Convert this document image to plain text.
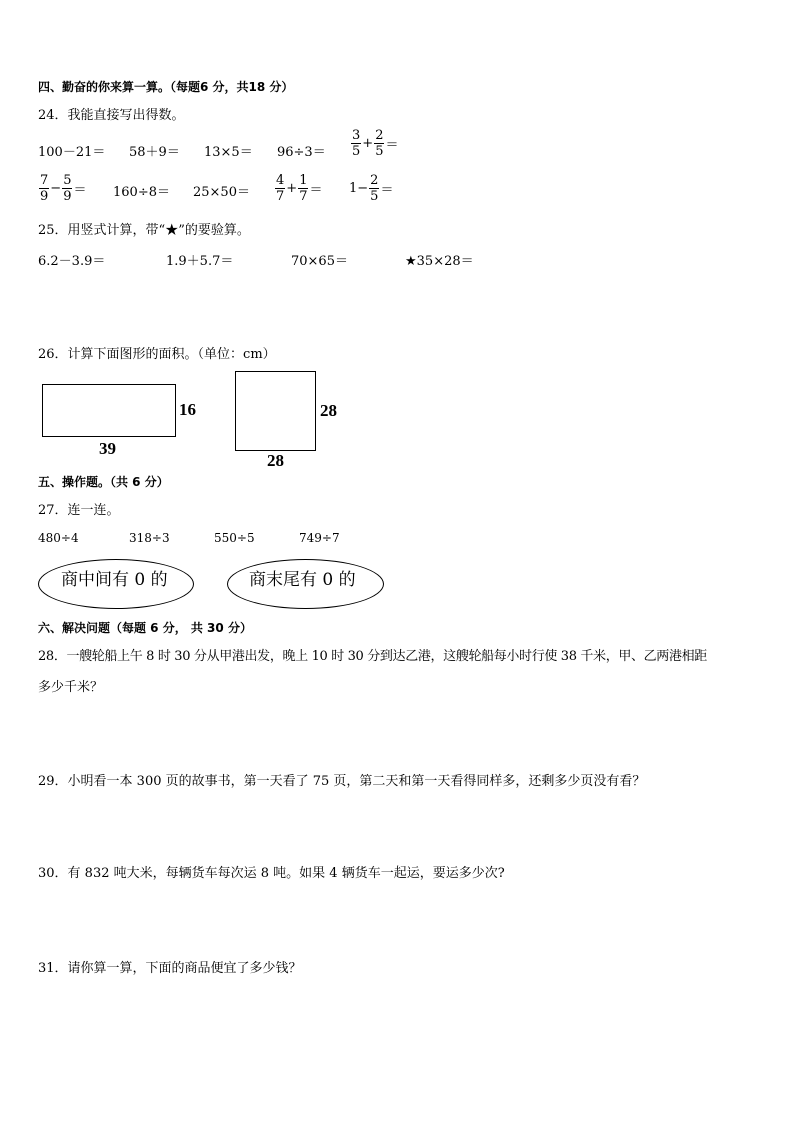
四、勤奋的你来算一算。（每题6 分，共18 分）
24．我能直接写出得数。
$100-21= 58+9= 13\times 5= 96\div 3= \frac{3}{5} + \frac{2}{5}$ ＝
$\frac{7}{9} - \frac{5}{9} = 160\div 8= 25\times 50= \frac{4}{7} + \frac{1}{7} = 1- \frac{2}{5}$ ＝
25．用竖式计算，带“★”的要验算。
6.2－3.9＝	1.9＋5.7＝	70×65＝	★35×28＝
26．计算下面图形的面积。（单位：cm）
16
39
28
28
五、操作题。（共 6 分）
27．连一连。
480÷4	318÷3	550÷5	749÷7
商中间有 0 的	商末尾有 0 的
六、解决问题（每题 6 分， 共 30 分）
28．一艘轮船上午 8 时 30 分从甲港出发，晚上 10 时 30 分到达乙港，这艘轮船每小时行使 38 千米，甲、乙两港相距
多少千米？
29．小明看一本 300 页的故事书，第一天看了 75 页，第二天和第一天看得同样多，还剩多少页没有看？
30．有 832 吨大米，每辆货车每次运 8 吨。如果 4 辆货车一起运，要运多少次?
31．请你算一算，下面的商品便宜了多少钱？
